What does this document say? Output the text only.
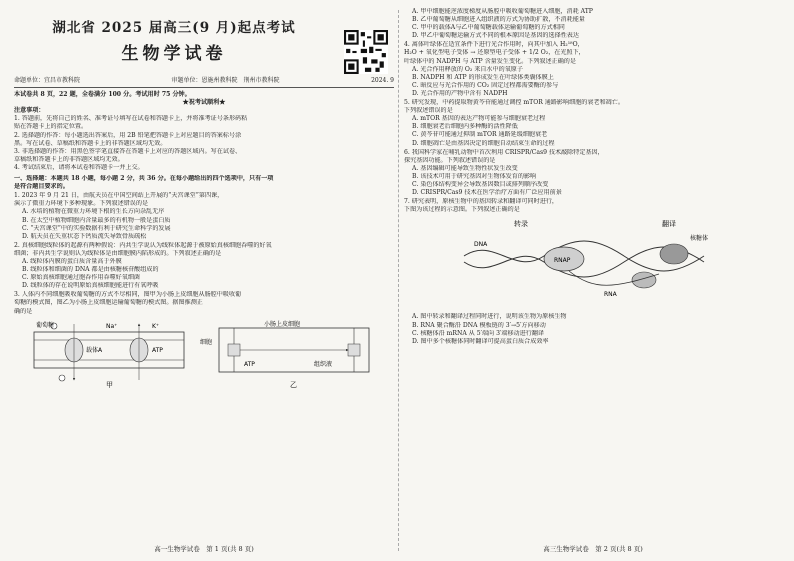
湖北省 2025 届高三(9 月)起点考试
生物学试卷
命题单位：宜昌市教科院	审题单位：恩施州教科院　荆州市教科院	2024. 9
本试卷共 8 页，22 题，全卷满分 100 分。考试用时 75 分钟。
★祝考试顺利★
注意事项：
1. 答题前，先将自己的姓名、准考证号填写在试卷和答题卡上，并将准考证号条形码粘
贴在答题卡上的指定位置。
2. 选择题的作答：每小题选出答案后，用 2B 铅笔把答题卡上对应题目的答案标号涂
黑。写在试卷、草稿纸和答题卡上的非答题区域均无效。
3. 非选择题的作答：用黑色签字笔直接答在答题卡上对应的答题区域内。写在试卷、
草稿纸和答题卡上的非答题区域均无效。
4. 考试结束后，请将本试卷和答题卡一并上交。
一、选择题：本题共 18 小题，每小题 2 分，共 36 分。在每小题给出的四个选项中，只有一项
是符合题目要求的。
1. 2023 年 9 月 21 日，由航天员在中国空间站上开展的“天宫课堂”第四课，
演示了微重力环境下多种现象。下列叙述错误的是
A. 水培的植物在微重力环境下根的生长方向杂乱无序
B. 在太空中植物细胞内含量最多的有机物一般是蛋白质
C. “天宫课堂”中的实验数据有利于研究生命科学的发展
D. 航天员在失重状态下钙质流失导致骨质疏松
2. 真核细胞线粒体的起源有两种假说：内共生学说认为线粒体起源于被原始真核细胞吞噬的好氧
细菌；非内共生学说则认为线粒体是由细胞膜内陷形成的。下列叙述正确的是
A. 线粒体内膜的蛋白质含量高于外膜
B. 线粒体和细菌的 DNA 都是由核糖核苷酸组成的
C. 原始真核细胞通过胞吞作用吞噬好氧细菌
D. 线粒体的存在说明原始真核细胞能进行有氧呼吸
3. 人体内不同细胞吸收葡萄糖的方式不尽相同，图甲为小肠上皮细胞从肠腔中吸收葡
萄糖的模式图，图乙为小肠上皮细胞运输葡萄糖的模式图。据图推测正
确的是
葡萄糖
载体A
Na⁺	K⁺
ATP
甲
小肠上皮细胞
ATP	组织液
细胞
乙
高一生物学试卷　第 1 页(共 8 页)
A. 甲中细胞能逆浓度梯度从肠腔中吸收葡萄糖进入细胞，消耗 ATP
B. 乙中葡萄糖从细胞进入组织液的方式为协助扩散，不消耗能量
C. 甲中的载体A与乙中葡萄糖载体运输葡萄糖的方式相同
D. 甲乙中葡萄糖运输方式不同的根本原因是基因的选择性表达
4. 离体叶绿体在适宜条件下进行光合作用时，向其中加入 H₂¹⁸O，
H₂O + 氧化型电子受体 → 还原型电子受体 + 1/2 O₂，在光照下，
叶绿体中的 NADPH 与 ATP 含量发生变化。下列叙述正确的是
A. 光合作用释放的 O₂ 来自水中的氧原子
B. NADPH 和 ATP 的形成发生在叶绿体类囊体膜上
C. 暗反应与光合作用的 CO₂ 固定过程都需要酶的参与
D. 光合作用的产物中含有 NADPH
5. 研究发现，中药提取物黄芩苷能通过调控 mTOR 通路影响细胞的衰老和凋亡。
下列叙述错误的是
A. mTOR 基因的表达产物可能参与细胞衰老过程
B. 细胞衰老后细胞内多种酶的活性降低
C. 黄芩苷可能通过抑制 mTOR 通路延缓细胞衰老
D. 细胞凋亡是由基因决定的细胞自动结束生命的过程
6. 我国科学家在哺乳动物中首次利用 CRISPR/Cas9 技术敲除特定基因，
探究基因功能。下列叙述错误的是
A. 基因编辑可能导致生物性状发生改变
B. 该技术可用于研究基因对生物体发育的影响
C. 染色体结构变异会导致基因数目或排列顺序改变
D. CRISPR/Cas9 技术在医学治疗方面有广泛应用前景
7. 研究表明，原核生物中的基因转录和翻译可同时进行，
下图为该过程的示意图。下列叙述正确的是
RNAP
DNA
RNA
转录	翻译
核糖体
A. 图中转录和翻译过程同时进行，说明该生物为原核生物
B. RNA 聚合酶沿 DNA 模板链的 3′→5′方向移动
C. 核糖体沿 mRNA 从 5′端向 3′端移动进行翻译
D. 图中多个核糖体同时翻译可提高蛋白质合成效率
高三生物学试卷　第 2 页(共 8 页)
